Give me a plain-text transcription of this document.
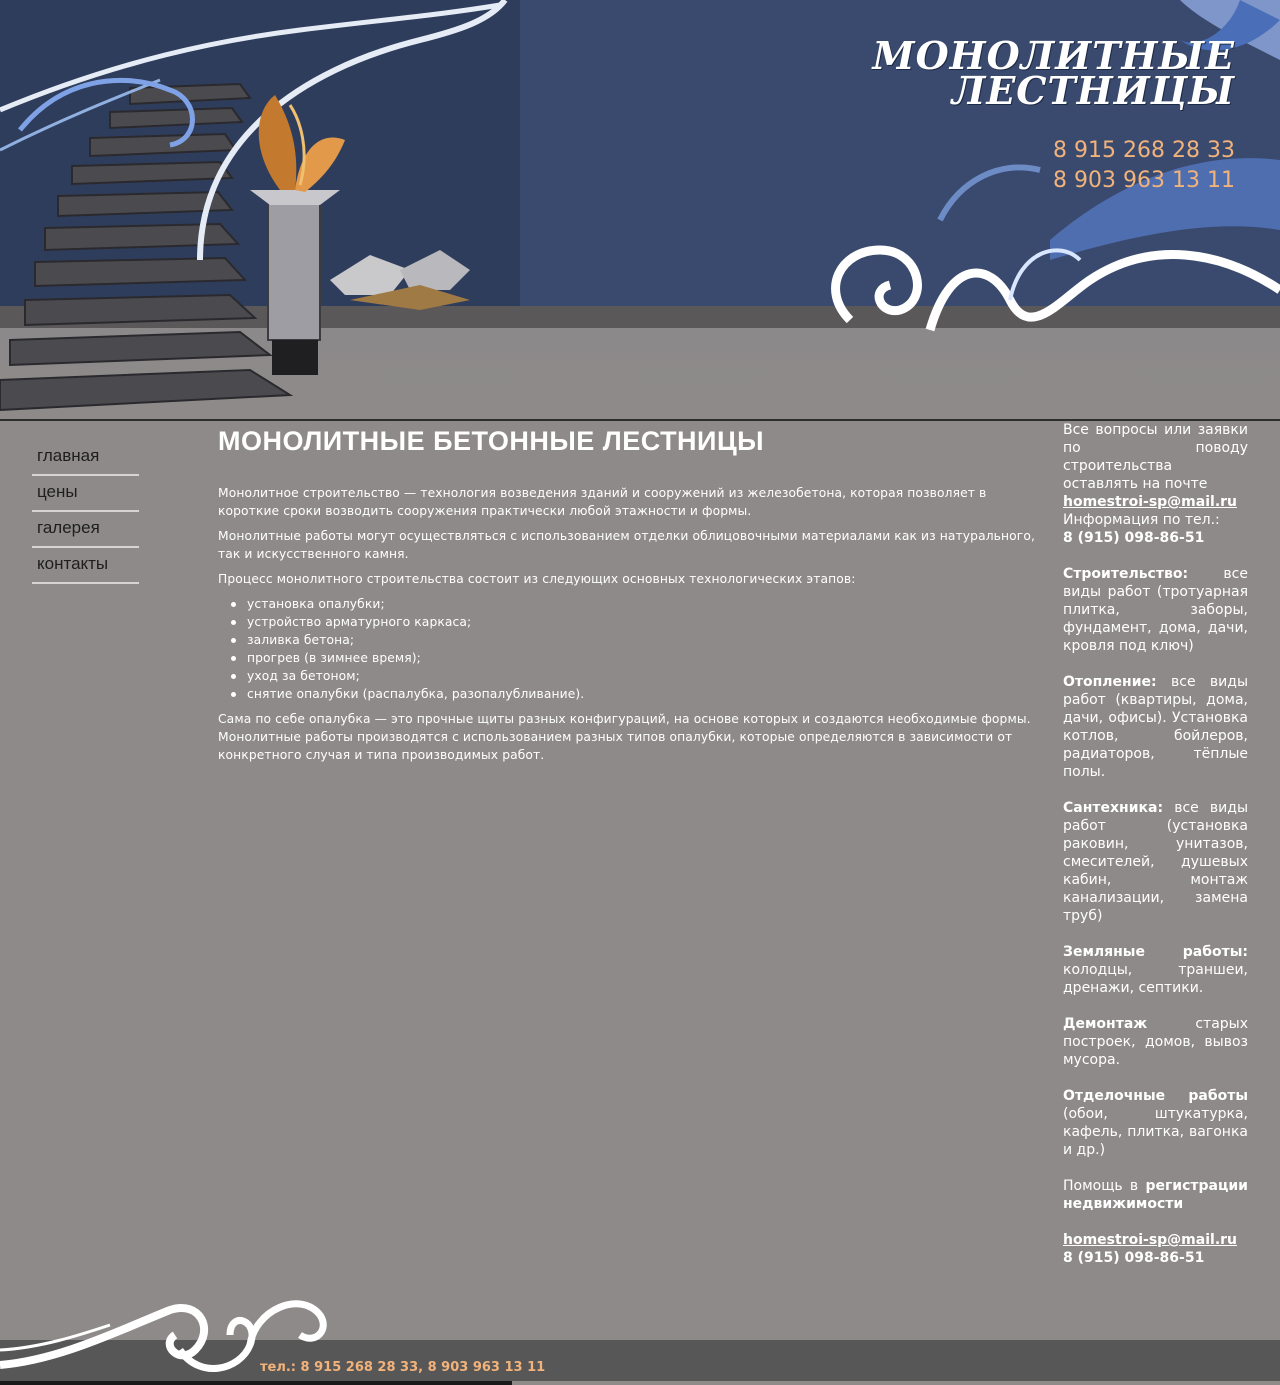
МОНОЛИТНЫЕ
ЛЕСТНИЦЫ
8 915 268 28 33
8 903 963 13 11
главная
цены
галерея
контакты
МОНОЛИТНЫЕ БЕТОННЫЕ ЛЕСТНИЦЫ

Монолитное строительство — технология возведения зданий и сооружений из железобетона, которая позволяет в короткие сроки возводить сооружения практически любой этажности и формы.

Монолитные работы могут осуществляться с использованием отделки облицовочными материалами как из натурального, так и искусственного камня.

Процесс монолитного строительства состоит из следующих основных технологических этапов:

установка опалубки;
устройство арматурного каркаса;
заливка бетона;
прогрев (в зимнее время);
уход за бетоном;
снятие опалубки (распалубка, разопалубливание).

Сама по себе опалубка — это прочные щиты разных конфигураций, на основе которых и создаются необходимые формы. Монолитные работы производятся с использованием разных типов опалубки, которые определяются в зависимости от конкретного случая и типа производимых работ.

Все вопросы или заявки по поводу строительства оставлять на почте
homestroi-sp@mail.ru
Информация по тел.:
8 (915) 098-86-51
Строительство: все виды работ (тротуарная плитка, заборы, фундамент, дома, дачи, кровля под ключ)
Отопление: все виды работ (квартиры, дома, дачи, офисы). Установка котлов, бойлеров, радиаторов, тёплые полы.
Сантехника: все виды работ (установка раковин, унитазов, смесителей, душевых кабин, монтаж канализации, замена труб)
Земляные работы: колодцы, траншеи, дренажи, септики.
Демонтаж старых построек, домов, вывоз мусора.
Отделочные работы (обои, штукатурка, кафель, плитка, вагонка и др.)
Помощь в регистрации недвижимости
homestroi-sp@mail.ru
8 (915) 098-86-51
тел.: 8 915 268 28 33, 8 903 963 13 11
